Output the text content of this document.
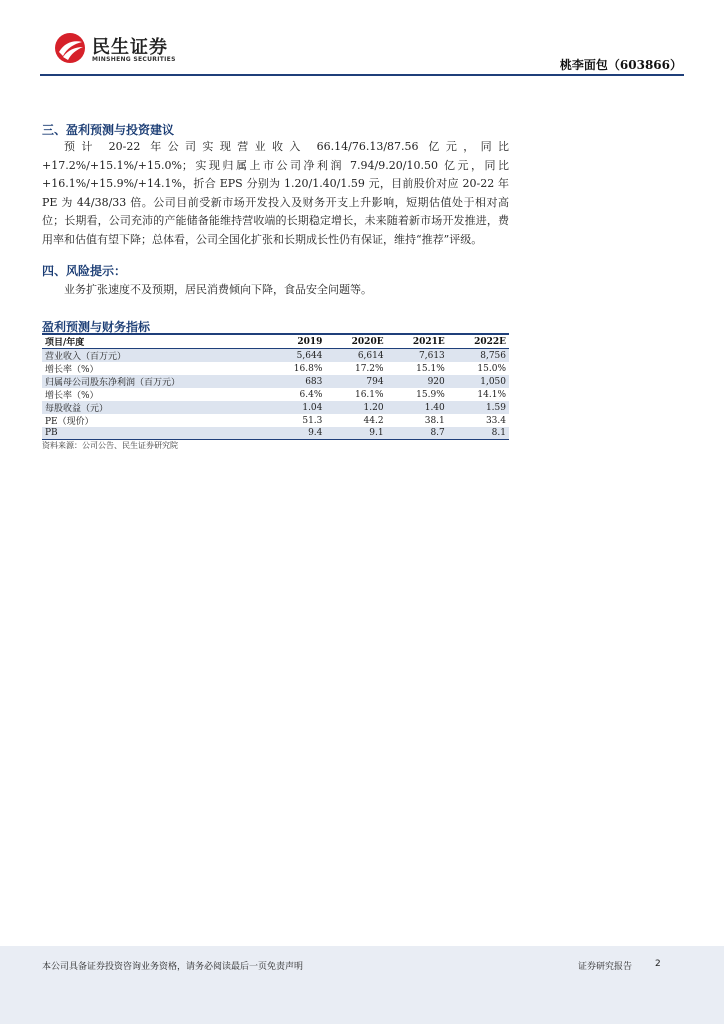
民生证券
MINSHENG SECURITIES	桃李面包（603866）
三、盈利预测与投资建议

预计 20-22 年公司实现营业收入 66.14/76.13/87.56 亿元，同比+17.2%/+15.1%/+15.0%；实现归属上市公司净利润 7.94/9.20/10.50 亿元，同比+16.1%/+15.9%/+14.1%，折合 EPS 分别为 1.20/1.40/1.59 元，目前股价对应 20-22 年PE 为 44/38/33 倍。公司目前受新市场开发投入及财务开支上升影响，短期估值处于相对高位；长期看，公司充沛的产能储备能维持营收端的长期稳定增长，未来随着新市场开发推进，费用率和估值有望下降；总体看，公司全国化扩张和长期成长性仍有保证，维持“推荐”评级。

四、风险提示：

业务扩张速度不及预期，居民消费倾向下降，食品安全问题等。

盈利预测与财务指标
项目/年度	2019	2020E	2021E	2022E
营业收入（百万元）	5,644	6,614	7,613	8,756
增长率（%）	16.8%	17.2%	15.1%	15.0%
归属母公司股东净利润（百万元）	683	794	920	1,050
增长率（%）	6.4%	16.1%	15.9%	14.1%
每股收益（元）	1.04	1.20	1.40	1.59
PE（现价）	51.3	44.2	38.1	33.4
PB	9.4	9.1	8.7	8.1
资料来源：公司公告、民生证券研究院
本公司具备证券投资咨询业务资格，请务必阅读最后一页免责声明	证券研究报告	2
